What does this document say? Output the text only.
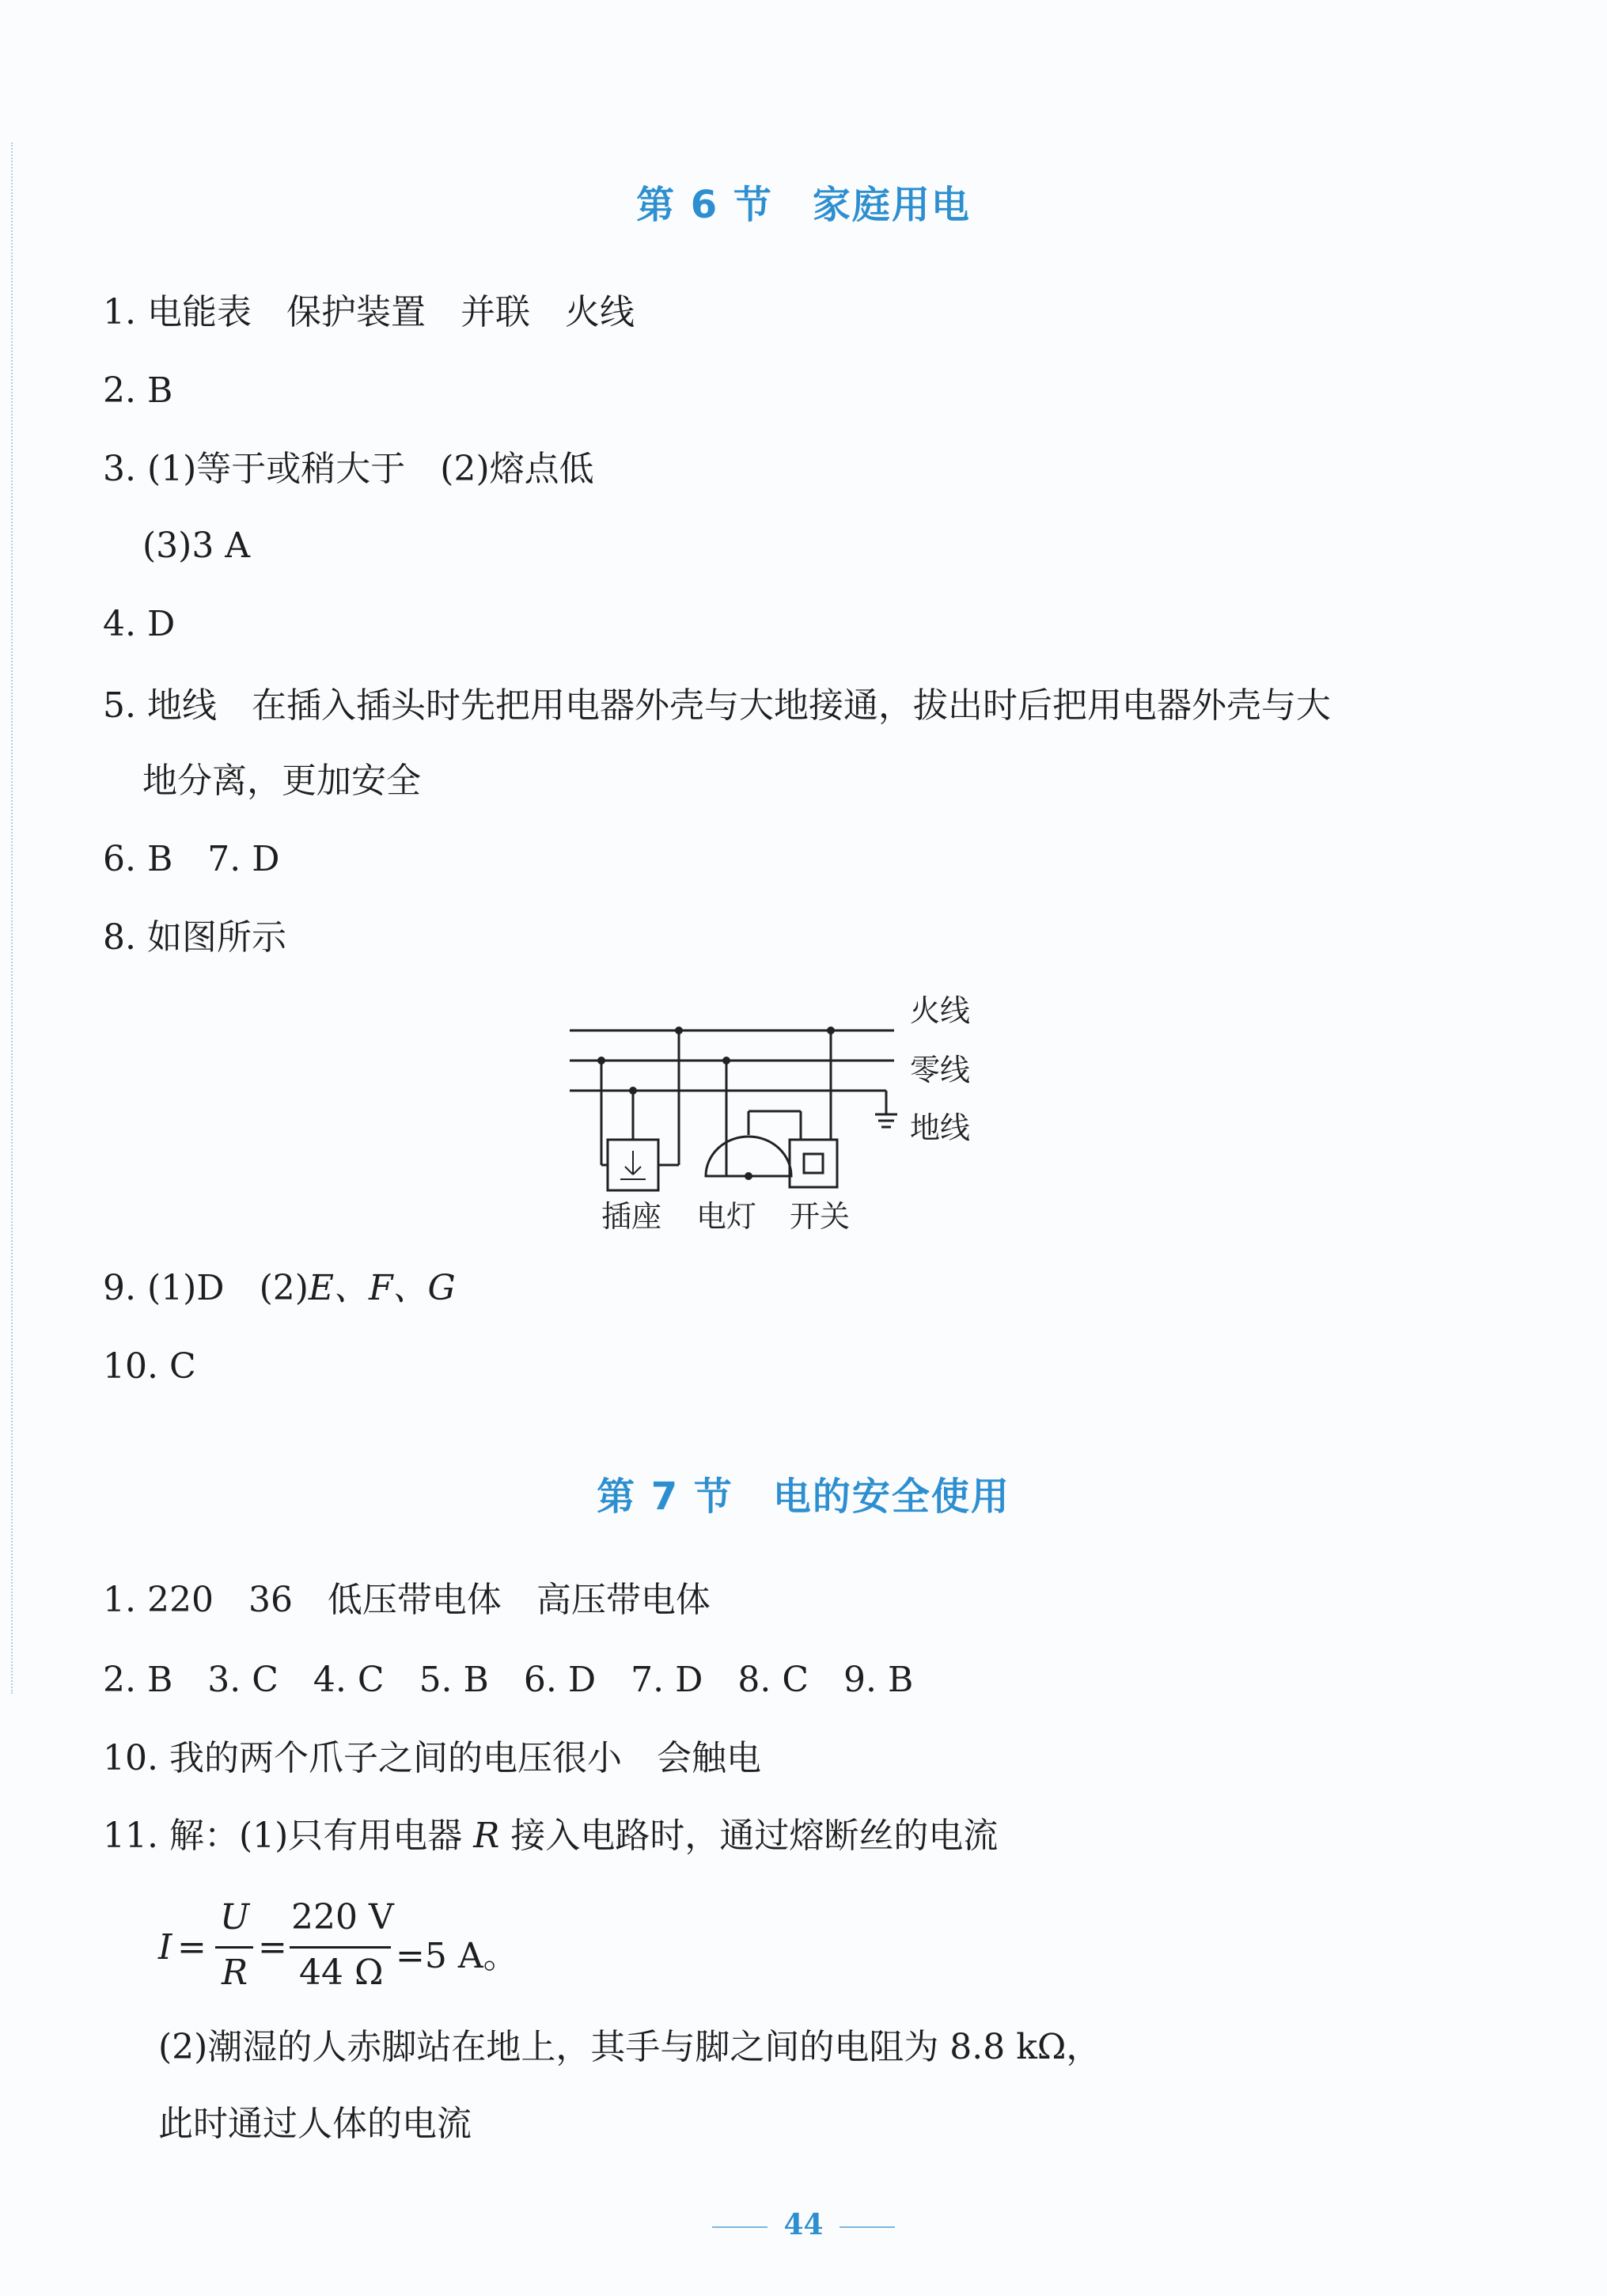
第 6 节　家庭用电
1. 电能表　保护装置　并联　火线
2. B
3. (1)等于或稍大于　(2)熔点低
(3)3 A
4. D
5. 地线　在插入插头时先把用电器外壳与大地接通，拔出时后把用电器外壳与大
地分离，更加安全
6. B　7. D
8. 如图所示
火线
零线
地线
插座 电灯 开关
9. (1)D　(2)E、F、G
10. C
第 7 节　电的安全使用
1. 220　36　低压带电体　高压带电体
2. B　3. C　4. C　5. B　6. D　7. D　8. C　9. B
10. 我的两个爪子之间的电压很小　会触电
11. 解：(1)只有用电器 R 接入电路时，通过熔断丝的电流
I =
U
R
=
220 V
44 Ω =5 A。
(2)潮湿的人赤脚站在地上，其手与脚之间的电阻为 8.8 kΩ，
此时通过人体的电流
44
